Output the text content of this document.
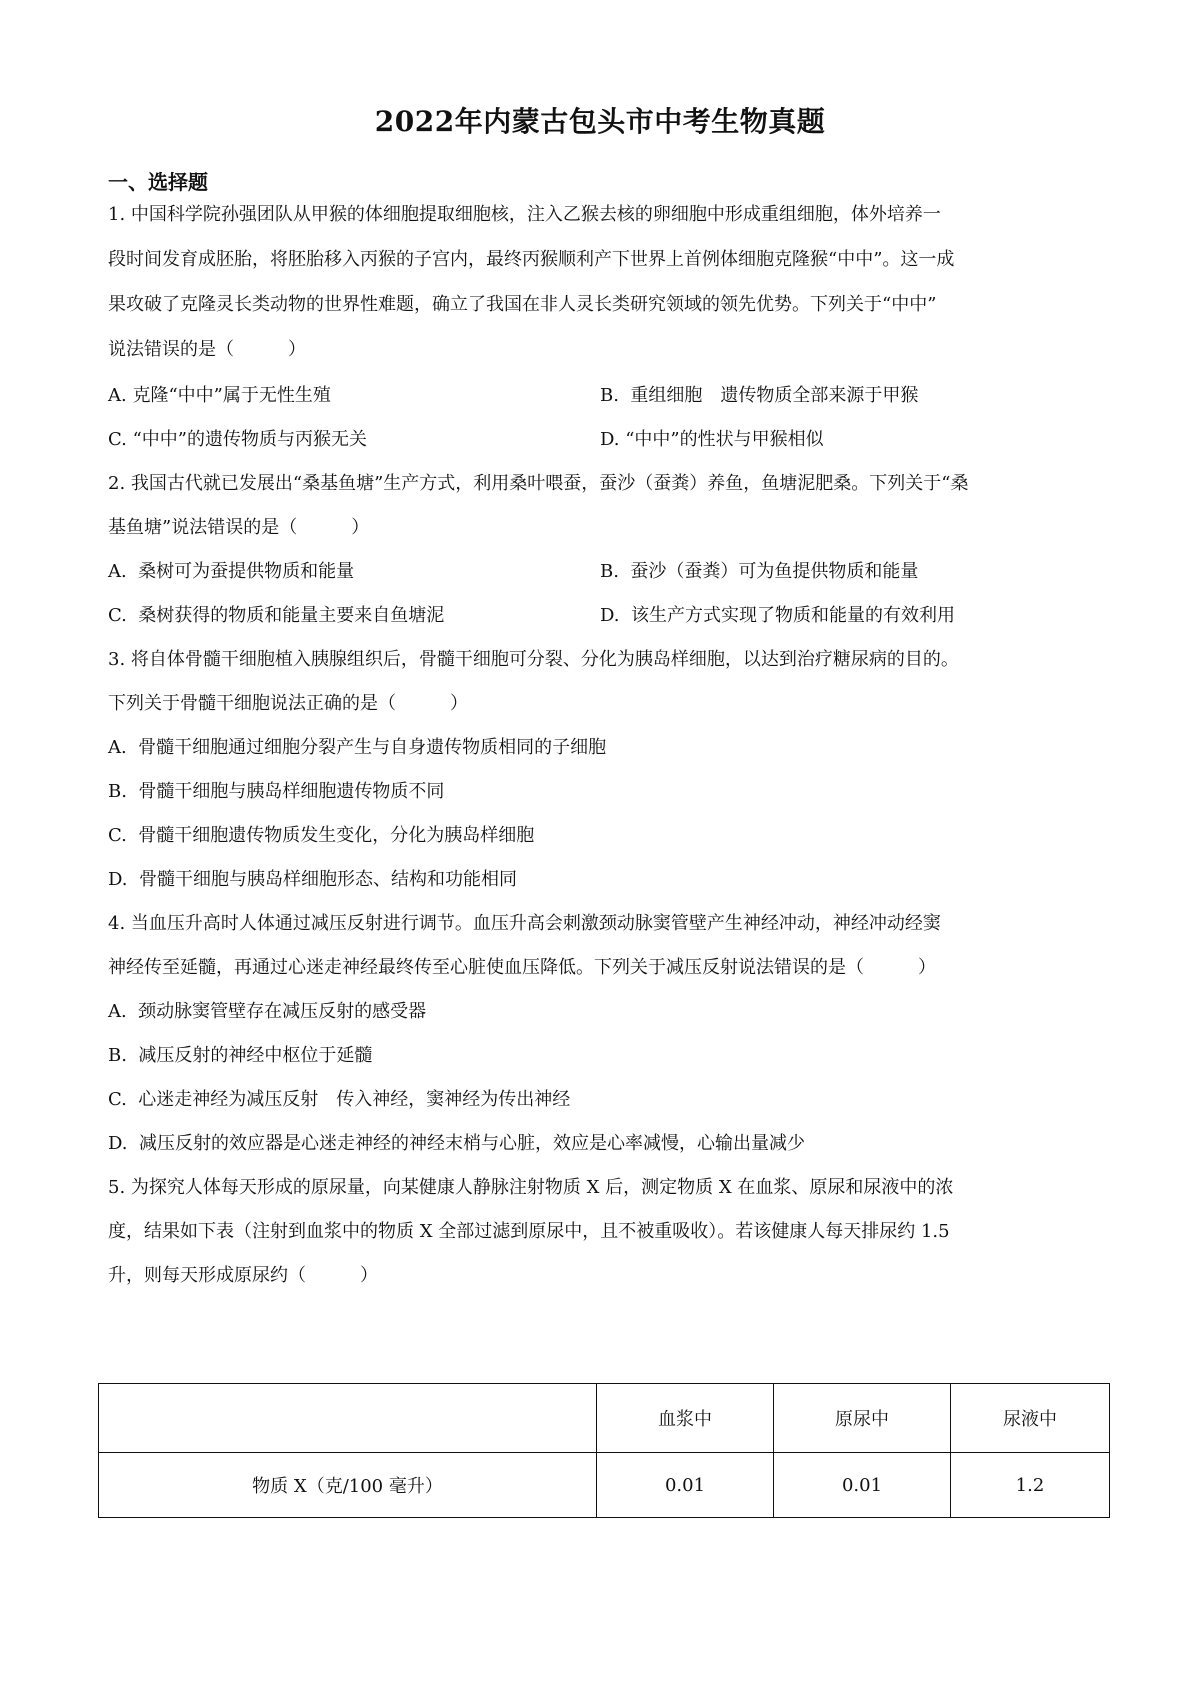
2022年内蒙古包头市中考生物真题
一、选择题
1. 中国科学院孙强团队从甲猴的体细胞提取细胞核，注入乙猴去核的卵细胞中形成重组细胞，体外培养一
段时间发育成胚胎，将胚胎移入丙猴的子宫内，最终丙猴顺利产下世界上首例体细胞克隆猴“中中”。这一成
果攻破了克隆灵长类动物的世界性难题，确立了我国在非人灵长类研究领域的领先优势。下列关于“中中”
说法错误的是（　　　）
A. 克隆“中中”属于无性生殖	B.  重组细胞　遗传物质全部来源于甲猴
C. “中中”的遗传物质与丙猴无关	D. “中中”的性状与甲猴相似
2. 我国古代就已发展出“桑基鱼塘”生产方式，利用桑叶喂蚕，蚕沙（蚕粪）养鱼，鱼塘泥肥桑。下列关于“桑
基鱼塘”说法错误的是（　　　）
A.  桑树可为蚕提供物质和能量	B.  蚕沙（蚕粪）可为鱼提供物质和能量
C.  桑树获得的物质和能量主要来自鱼塘泥	D.  该生产方式实现了物质和能量的有效利用
3. 将自体骨髓干细胞植入胰腺组织后，骨髓干细胞可分裂、分化为胰岛样细胞，以达到治疗糖尿病的目的。
下列关于骨髓干细胞说法正确的是（　　　）
A.  骨髓干细胞通过细胞分裂产生与自身遗传物质相同的子细胞
B.  骨髓干细胞与胰岛样细胞遗传物质不同
C.  骨髓干细胞遗传物质发生变化，分化为胰岛样细胞
D.  骨髓干细胞与胰岛样细胞形态、结构和功能相同
4. 当血压升高时人体通过减压反射进行调节。血压升高会刺激颈动脉窦管壁产生神经冲动，神经冲动经窦
神经传至延髓，再通过心迷走神经最终传至心脏使血压降低。下列关于减压反射说法错误的是（　　　）
A.  颈动脉窦管壁存在减压反射的感受器
B.  减压反射的神经中枢位于延髓
C.  心迷走神经为减压反射　传入神经，窦神经为传出神经
D.  减压反射的效应器是心迷走神经的神经末梢与心脏，效应是心率减慢，心输出量减少
5. 为探究人体每天形成的原尿量，向某健康人静脉注射物质 X 后，测定物质 X 在血浆、原尿和尿液中的浓
度，结果如下表（注射到血浆中的物质 X 全部过滤到原尿中，且不被重吸收）。若该健康人每天排尿约 1.5
升，则每天形成原尿约（　　　）
	血浆中	原尿中	尿液中
物质 X（克/100 毫升）	0.01	0.01	1.2
